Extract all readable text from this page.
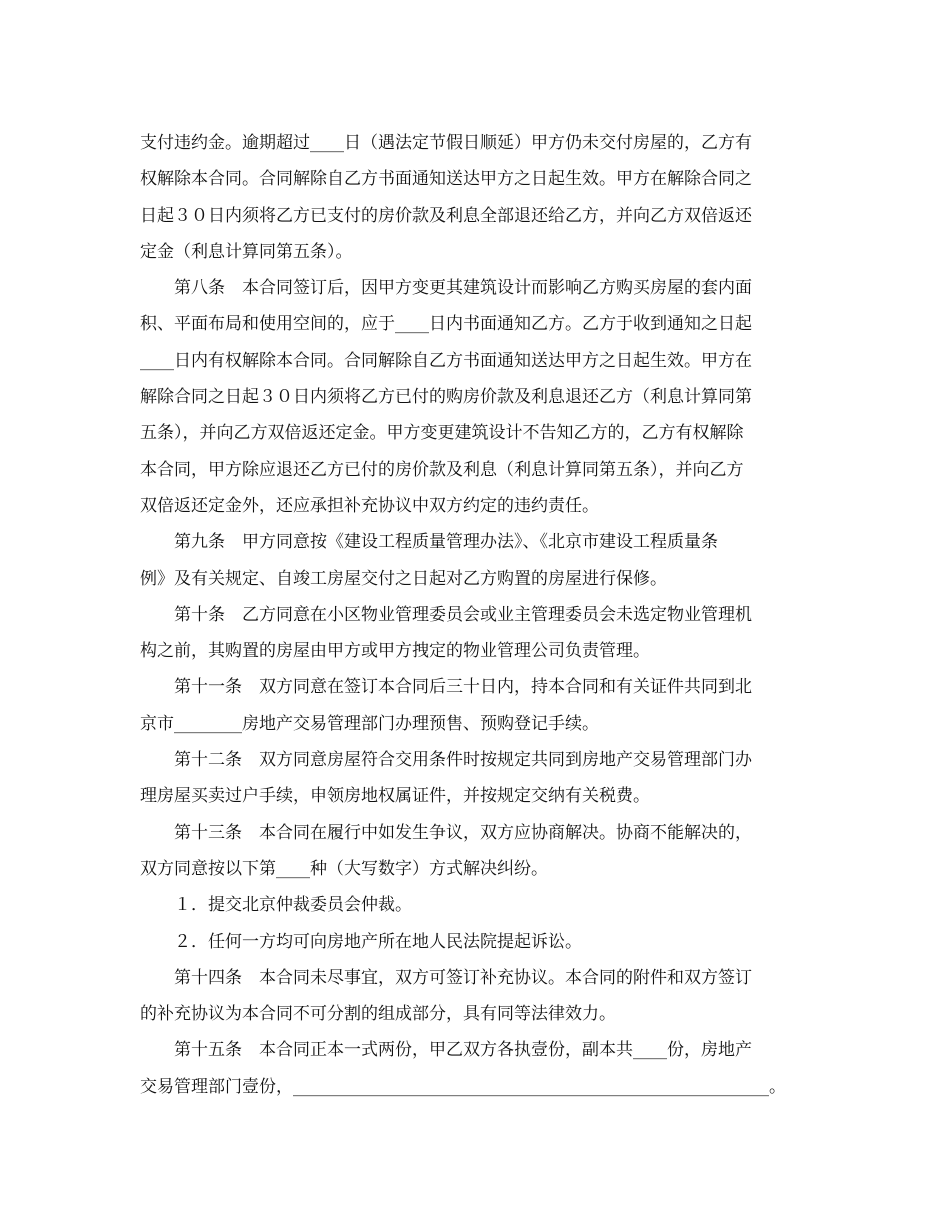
支付违约金。逾期超过____日（遇法定节假日顺延）甲方仍未交付房屋的，乙方有
权解除本合同。合同解除自乙方书面通知送达甲方之日起生效。甲方在解除合同之
日起３０日内须将乙方已支付的房价款及利息全部退还给乙方，并向乙方双倍返还
定金（利息计算同第五条）。
　　第八条　本合同签订后，因甲方变更其建筑设计而影响乙方购买房屋的套内面
积、平面布局和使用空间的，应于____日内书面通知乙方。乙方于收到通知之日起
____日内有权解除本合同。合同解除自乙方书面通知送达甲方之日起生效。甲方在
解除合同之日起３０日内须将乙方已付的购房价款及利息退还乙方（利息计算同第
五条），并向乙方双倍返还定金。甲方变更建筑设计不告知乙方的，乙方有权解除
本合同，甲方除应退还乙方已付的房价款及利息（利息计算同第五条），并向乙方
双倍返还定金外，还应承担补充协议中双方约定的违约责任。
　　第九条　甲方同意按《建设工程质量管理办法》、《北京市建设工程质量条
例》及有关规定、自竣工房屋交付之日起对乙方购置的房屋进行保修。
　　第十条　乙方同意在小区物业管理委员会或业主管理委员会未选定物业管理机
构之前，其购置的房屋由甲方或甲方拽定的物业管理公司负责管理。
　　第十一条　双方同意在签订本合同后三十日内，持本合同和有关证件共同到北
京市________房地产交易管理部门办理预售、预购登记手续。
　　第十二条　双方同意房屋符合交用条件时按规定共同到房地产交易管理部门办
理房屋买卖过户手续，申领房地权属证件，并按规定交纳有关税费。
　　第十三条　本合同在履行中如发生争议，双方应协商解决。协商不能解决的，
双方同意按以下第____种（大写数字）方式解决纠纷。
　　１．提交北京仲裁委员会仲裁。
　　２．任何一方均可向房地产所在地人民法院提起诉讼。
　　第十四条　本合同未尽事宜，双方可签订补充协议。本合同的附件和双方签订
的补充协议为本合同不可分割的组成部分，具有同等法律效力。
　　第十五条　本合同正本一式两份，甲乙双方各执壹份，副本共____份，房地产
交易管理部门壹份，________________________________________________________。
